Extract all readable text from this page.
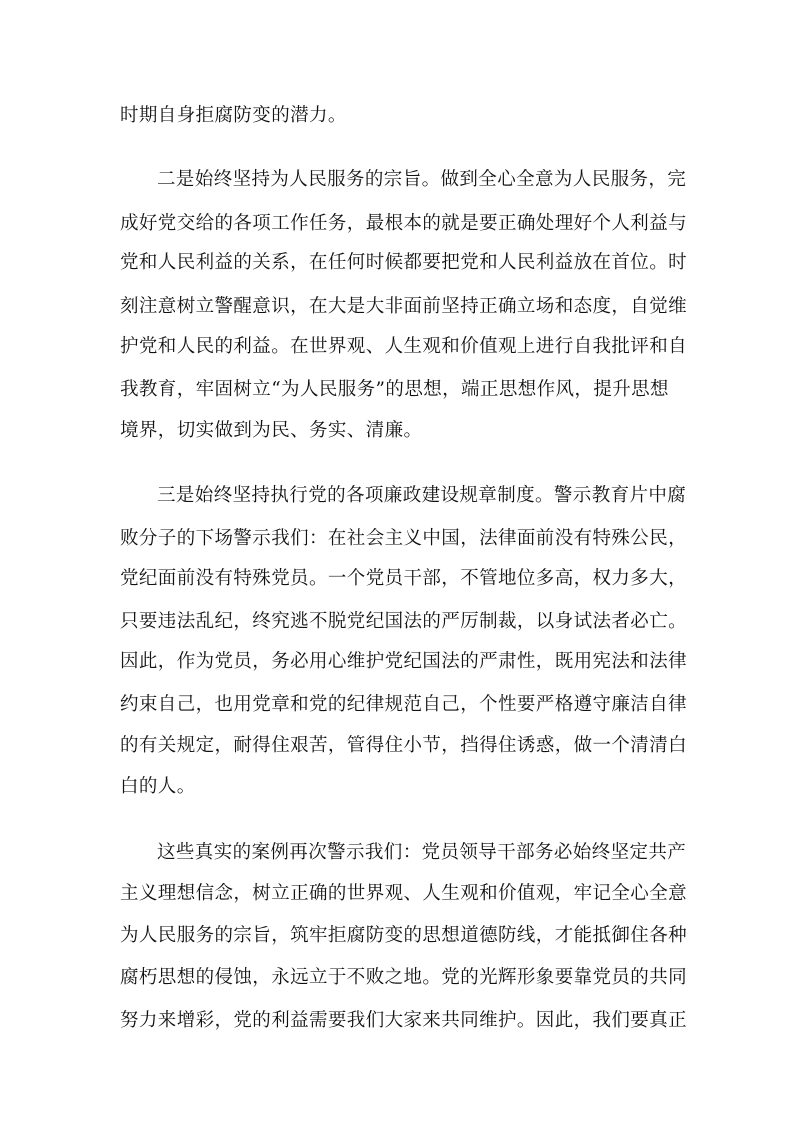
时期自身拒腐防变的潜力。
二是始终坚持为人民服务的宗旨。做到全心全意为人民服务，完
成好党交给的各项工作任务，最根本的就是要正确处理好个人利益与
党和人民利益的关系，在任何时候都要把党和人民利益放在首位。时
刻注意树立警醒意识，在大是大非面前坚持正确立场和态度，自觉维
护党和人民的利益。在世界观、人生观和价值观上进行自我批评和自
我教育，牢固树立“为人民服务”的思想，端正思想作风，提升思想
境界，切实做到为民、务实、清廉。
三是始终坚持执行党的各项廉政建设规章制度。警示教育片中腐
败分子的下场警示我们：在社会主义中国，法律面前没有特殊公民，
党纪面前没有特殊党员。一个党员干部，不管地位多高，权力多大，
只要违法乱纪，终究逃不脱党纪国法的严厉制裁，以身试法者必亡。
因此，作为党员，务必用心维护党纪国法的严肃性，既用宪法和法律
约束自己，也用党章和党的纪律规范自己，个性要严格遵守廉洁自律
的有关规定，耐得住艰苦，管得住小节，挡得住诱惑，做一个清清白
白的人。
这些真实的案例再次警示我们：党员领导干部务必始终坚定共产
主义理想信念，树立正确的世界观、人生观和价值观，牢记全心全意
为人民服务的宗旨，筑牢拒腐防变的思想道德防线，才能抵御住各种
腐朽思想的侵蚀，永远立于不败之地。党的光辉形象要靠党员的共同
努力来增彩，党的利益需要我们大家来共同维护。因此，我们要真正
